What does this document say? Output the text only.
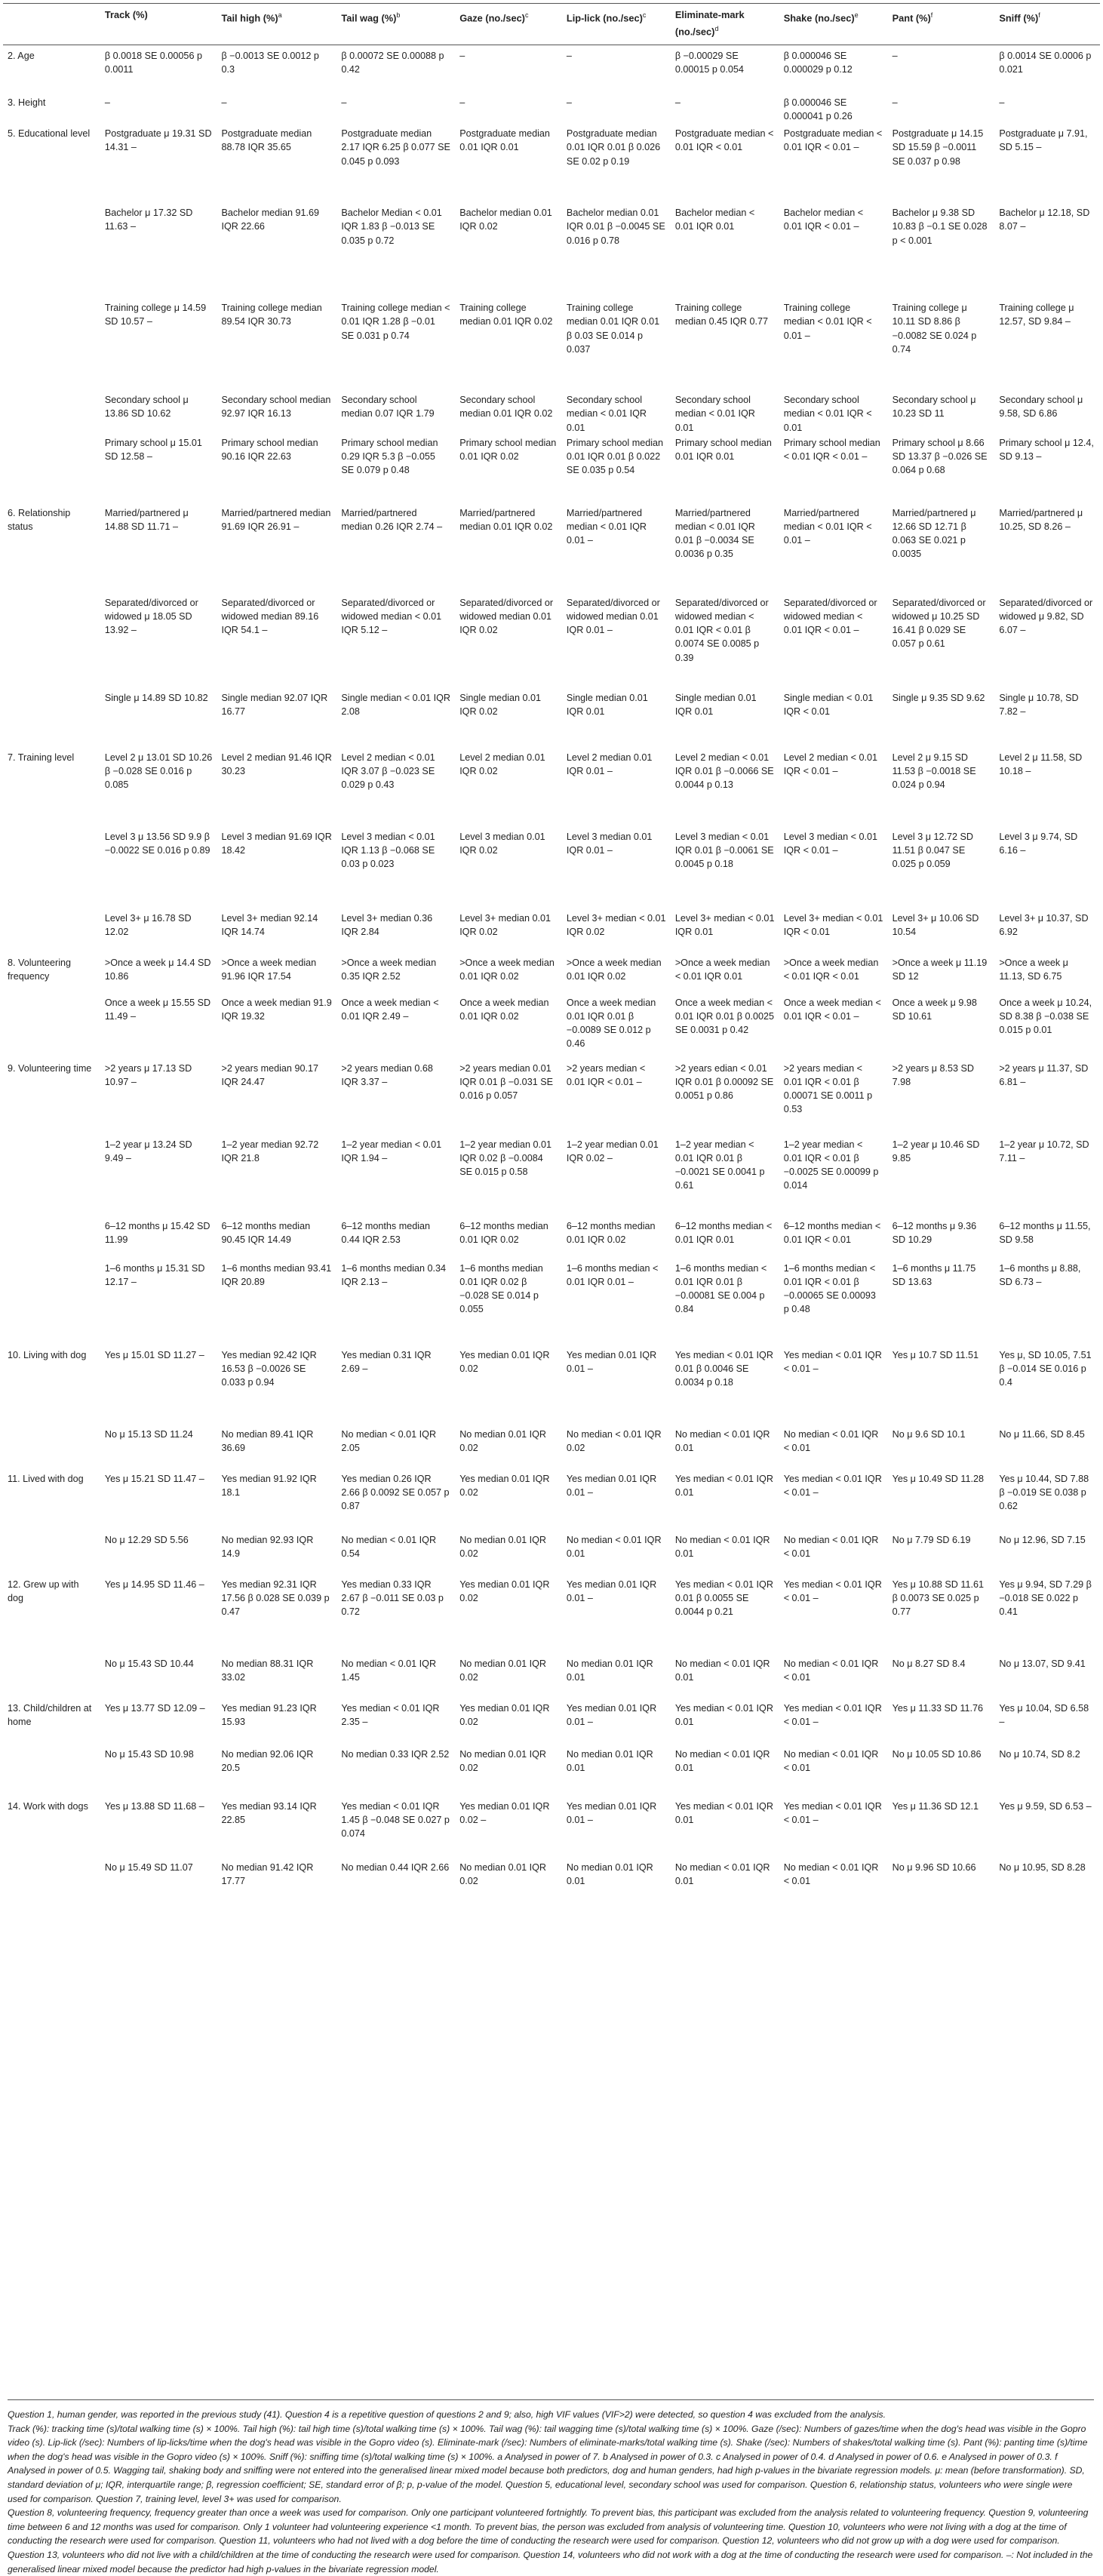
	Track (%)	Tail high (%)$^a$	Tail wag (%)$^b$	Gaze $(no./\sec)^c$	Lip-lick $(no./\sec)^c$	Eliminate-mark $(no./\sec)^d$	Shake $(no./\sec)^e$	Pant (%)$^f$	Sniff (%)$^f$
2. Age	β 0.0018 SE 0.00056 p 0.0011	β −0.0013 SE 0.0012 p 0.3	β 0.00072 SE 0.00088 p 0.42	–	–	β −0.00029 SE 0.00015 p 0.054	β 0.000046 SE 0.000029 p 0.12	–	β 0.0014 SE 0.0006 p 0.021
3. Height	–	–	–	–	–	–	β 0.000046 SE 0.000041 p 0.26	–	–
5. Educational level	Postgraduate μ 19.31 SD 14.31 –	Postgraduate median 88.78 IQR 35.65	Postgraduate median 2.17 IQR 6.25 β 0.077 SE 0.045 p 0.093	Postgraduate median 0.01 IQR 0.01	Postgraduate median 0.01 IQR 0.01 β 0.026 SE 0.02 p 0.19	Postgraduate median < 0.01 IQR < 0.01	Postgraduate median < 0.01 IQR < 0.01 –	Postgraduate μ 14.15 SD 15.59 β −0.0011 SE 0.037 p 0.98	Postgraduate μ 7.91, SD 5.15 –
	Bachelor μ 17.32 SD 11.63 –	Bachelor median 91.69 IQR 22.66	Bachelor Median < 0.01 IQR 1.83 β −0.013 SE 0.035 p 0.72	Bachelor median 0.01 IQR 0.02	Bachelor median 0.01 IQR 0.01 β −0.0045 SE 0.016 p 0.78	Bachelor median < 0.01 IQR 0.01	Bachelor median < 0.01 IQR < 0.01 –	Bachelor μ 9.38 SD 10.83 β −0.1 SE 0.028 p < 0.001	Bachelor μ 12.18, SD 8.07 –
	Training college μ 14.59 SD 10.57 –	Training college median 89.54 IQR 30.73	Training college median < 0.01 IQR 1.28 β −0.01 SE 0.031 p 0.74	Training college median 0.01 IQR 0.02	Training college median 0.01 IQR 0.01 β 0.03 SE 0.014 p 0.037	Training college median 0.45 IQR 0.77	Training college median < 0.01 IQR < 0.01 –	Training college μ 10.11 SD 8.86 β −0.0082 SE 0.024 p 0.74	Training college μ 12.57, SD 9.84 –
	Secondary school μ 13.86 SD 10.62	Secondary school median 92.97 IQR 16.13	Secondary school median 0.07 IQR 1.79	Secondary school median 0.01 IQR 0.02	Secondary school median < 0.01 IQR 0.01	Secondary school median < 0.01 IQR 0.01	Secondary school median < 0.01 IQR < 0.01	Secondary school μ 10.23 SD 11	Secondary school μ 9.58, SD 6.86
	Primary school μ 15.01 SD 12.58 –	Primary school median 90.16 IQR 22.63	Primary school median 0.29 IQR 5.3 β −0.055 SE 0.079 p 0.48	Primary school median 0.01 IQR 0.02	Primary school median 0.01 IQR 0.01 β 0.022 SE 0.035 p 0.54	Primary school median 0.01 IQR 0.01	Primary school median < 0.01 IQR < 0.01 –	Primary school μ 8.66 SD 13.37 β −0.026 SE 0.064 p 0.68	Primary school μ 12.4, SD 9.13 –
6. Relationship status	Married/partnered μ 14.88 SD 11.71 –	Married/partnered median 91.69 IQR 26.91 –	Married/partnered median 0.26 IQR 2.74 –	Married/partnered median 0.01 IQR 0.02	Married/partnered median < 0.01 IQR 0.01 –	Married/partnered median < 0.01 IQR 0.01 β −0.0034 SE 0.0036 p 0.35	Married/partnered median < 0.01 IQR < 0.01 –	Married/partnered μ 12.66 SD 12.71 β 0.063 SE 0.021 p 0.0035	Married/partnered μ 10.25, SD 8.26 –
	Separated/divorced or widowed μ 18.05 SD 13.92 –	Separated/divorced or widowed median 89.16 IQR 54.1 –	Separated/divorced or widowed median < 0.01 IQR 5.12 –	Separated/divorced or widowed median 0.01 IQR 0.02	Separated/divorced or widowed median 0.01 IQR 0.01 –	Separated/divorced or widowed median < 0.01 IQR < 0.01 β 0.0074 SE 0.0085 p 0.39	Separated/divorced or widowed median < 0.01 IQR < 0.01 –	Separated/divorced or widowed μ 10.25 SD 16.41 β 0.029 SE 0.057 p 0.61	Separated/divorced or widowed μ 9.82, SD 6.07 –
	Single μ 14.89 SD 10.82	Single median 92.07 IQR 16.77	Single median < 0.01 IQR 2.08	Single median 0.01 IQR 0.02	Single median 0.01 IQR 0.01	Single median 0.01 IQR 0.01	Single median < 0.01 IQR < 0.01	Single μ 9.35 SD 9.62	Single μ 10.78, SD 7.82 –
7. Training level	Level 2 μ 13.01 SD 10.26 β −0.028 SE 0.016 p 0.085	Level 2 median 91.46 IQR 30.23	Level 2 median < 0.01 IQR 3.07 β −0.023 SE 0.029 p 0.43	Level 2 median 0.01 IQR 0.02	Level 2 median 0.01 IQR 0.01 –	Level 2 median < 0.01 IQR 0.01 β −0.0066 SE 0.0044 p 0.13	Level 2 median < 0.01 IQR < 0.01 –	Level 2 μ 9.15 SD 11.53 β −0.0018 SE 0.024 p 0.94	Level 2 μ 11.58, SD 10.18 –
	Level 3 μ 13.56 SD 9.9 β −0.0022 SE 0.016 p 0.89	Level 3 median 91.69 IQR 18.42	Level 3 median < 0.01 IQR 1.13 β −0.068 SE 0.03 p 0.023	Level 3 median 0.01 IQR 0.02	Level 3 median 0.01 IQR 0.01 –	Level 3 median < 0.01 IQR 0.01 β −0.0061 SE 0.0045 p 0.18	Level 3 median < 0.01 IQR < 0.01 –	Level 3 μ 12.72 SD 11.51 β 0.047 SE 0.025 p 0.059	Level 3 μ 9.74, SD 6.16 –
	Level 3+ μ 16.78 SD 12.02	Level 3+ median 92.14 IQR 14.74	Level 3+ median 0.36 IQR 2.84	Level 3+ median 0.01 IQR 0.02	Level 3+ median < 0.01 IQR 0.02	Level 3+ median < 0.01 IQR 0.01	Level 3+ median < 0.01 IQR < 0.01	Level 3+ μ 10.06 SD 10.54	Level 3+ μ 10.37, SD 6.92
8. Volunteering frequency	>Once a week μ 14.4 SD 10.86	>Once a week median 91.96 IQR 17.54	>Once a week median 0.35 IQR 2.52	>Once a week median 0.01 IQR 0.02	>Once a week median 0.01 IQR 0.02	>Once a week median < 0.01 IQR 0.01	>Once a week median < 0.01 IQR < 0.01	>Once a week μ 11.19 SD 12	>Once a week μ 11.13, SD 6.75
	Once a week μ 15.55 SD 11.49 –	Once a week median 91.9 IQR 19.32	Once a week median < 0.01 IQR 2.49 –	Once a week median 0.01 IQR 0.02	Once a week median 0.01 IQR 0.01 β −0.0089 SE 0.012 p 0.46	Once a week median < 0.01 IQR 0.01 β 0.0025 SE 0.0031 p 0.42	Once a week median < 0.01 IQR < 0.01 –	Once a week μ 9.98 SD 10.61	Once a week μ 10.24, SD 8.38 β −0.038 SE 0.015 p 0.01
9. Volunteering time	>2 years μ 17.13 SD 10.97 –	>2 years median 90.17 IQR 24.47	>2 years median 0.68 IQR 3.37 –	>2 years median 0.01 IQR 0.01 β −0.031 SE 0.016 p 0.057	>2 years median < 0.01 IQR < 0.01 –	>2 years edian < 0.01 IQR 0.01 β 0.00092 SE 0.0051 p 0.86	>2 years median < 0.01 IQR < 0.01 β 0.00071 SE 0.0011 p 0.53	>2 years μ 8.53 SD 7.98	>2 years μ 11.37, SD 6.81 –
	1–2 year μ 13.24 SD 9.49 –	1–2 year median 92.72 IQR 21.8	1–2 year median < 0.01 IQR 1.94 –	1–2 year median 0.01 IQR 0.02 β −0.0084 SE 0.015 p 0.58	1–2 year median 0.01 IQR 0.02 –	1–2 year median < 0.01 IQR 0.01 β −0.0021 SE 0.0041 p 0.61	1–2 year median < 0.01 IQR < 0.01 β −0.0025 SE 0.00099 p 0.014	1–2 year μ 10.46 SD 9.85	1–2 year μ 10.72, SD 7.11 –
	6–12 months μ 15.42 SD 11.99	6–12 months median 90.45 IQR 14.49	6–12 months median 0.44 IQR 2.53	6–12 months median 0.01 IQR 0.02	6–12 months median 0.01 IQR 0.02	6–12 months median < 0.01 IQR 0.01	6–12 months median < 0.01 IQR < 0.01	6–12 months μ 9.36 SD 10.29	6–12 months μ 11.55, SD 9.58
	1–6 months μ 15.31 SD 12.17 –	1–6 months median 93.41 IQR 20.89	1–6 months median 0.34 IQR 2.13 –	1–6 months median 0.01 IQR 0.02 β −0.028 SE 0.014 p 0.055	1–6 months median < 0.01 IQR 0.01 –	1–6 months median < 0.01 IQR 0.01 β −0.00081 SE 0.004 p 0.84	1–6 months median < 0.01 IQR < 0.01 β −0.00065 SE 0.00093 p 0.48	1–6 months μ 11.75 SD 13.63	1–6 months μ 8.88, SD 6.73 –
10. Living with dog	Yes μ 15.01 SD 11.27 –	Yes median 92.42 IQR 16.53 β −0.0026 SE 0.033 p 0.94	Yes median 0.31 IQR 2.69 –	Yes median 0.01 IQR 0.02	Yes median 0.01 IQR 0.01 –	Yes median < 0.01 IQR 0.01 β 0.0046 SE 0.0034 p 0.18	Yes median < 0.01 IQR < 0.01 –	Yes μ 10.7 SD 11.51	Yes μ, SD 10.05, 7.51 β −0.014 SE 0.016 p 0.4
	No μ 15.13 SD 11.24	No median 89.41 IQR 36.69	No median < 0.01 IQR 2.05	No median 0.01 IQR 0.02	No median < 0.01 IQR 0.02	No median < 0.01 IQR 0.01	No median < 0.01 IQR < 0.01	No μ 9.6 SD 10.1	No μ 11.66, SD 8.45
11. Lived with dog	Yes μ 15.21 SD 11.47 –	Yes median 91.92 IQR 18.1	Yes median 0.26 IQR 2.66 β 0.0092 SE 0.057 p 0.87	Yes median 0.01 IQR 0.02	Yes median 0.01 IQR 0.01 –	Yes median < 0.01 IQR 0.01	Yes median < 0.01 IQR < 0.01 –	Yes μ 10.49 SD 11.28	Yes μ 10.44, SD 7.88 β −0.019 SE 0.038 p 0.62
	No μ 12.29 SD 5.56	No median 92.93 IQR 14.9	No median < 0.01 IQR 0.54	No median 0.01 IQR 0.02	No median < 0.01 IQR 0.01	No median < 0.01 IQR 0.01	No median < 0.01 IQR < 0.01	No μ 7.79 SD 6.19	No μ 12.96, SD 7.15
12. Grew up with dog	Yes μ 14.95 SD 11.46 –	Yes median 92.31 IQR 17.56 β 0.028 SE 0.039 p 0.47	Yes median 0.33 IQR 2.67 β −0.011 SE 0.03 p 0.72	Yes median 0.01 IQR 0.02	Yes median 0.01 IQR 0.01 –	Yes median < 0.01 IQR 0.01 β 0.0055 SE 0.0044 p 0.21	Yes median < 0.01 IQR < 0.01 –	Yes μ 10.88 SD 11.61 β 0.0073 SE 0.025 p 0.77	Yes μ 9.94, SD 7.29 β −0.018 SE 0.022 p 0.41
	No μ 15.43 SD 10.44	No median 88.31 IQR 33.02	No median < 0.01 IQR 1.45	No median 0.01 IQR 0.02	No median 0.01 IQR 0.01	No median < 0.01 IQR 0.01	No median < 0.01 IQR < 0.01	No μ 8.27 SD 8.4	No μ 13.07, SD 9.41
13. Child/children at home	Yes μ 13.77 SD 12.09 –	Yes median 91.23 IQR 15.93	Yes median < 0.01 IQR 2.35 –	Yes median 0.01 IQR 0.02	Yes median 0.01 IQR 0.01 –	Yes median < 0.01 IQR 0.01	Yes median < 0.01 IQR < 0.01 –	Yes μ 11.33 SD 11.76	Yes μ 10.04, SD 6.58 –
	No μ 15.43 SD 10.98	No median 92.06 IQR 20.5	No median 0.33 IQR 2.52	No median 0.01 IQR 0.02	No median 0.01 IQR 0.01	No median < 0.01 IQR 0.01	No median < 0.01 IQR < 0.01	No μ 10.05 SD 10.86	No μ 10.74, SD 8.2
14. Work with dogs	Yes μ 13.88 SD 11.68 –	Yes median 93.14 IQR 22.85	Yes median < 0.01 IQR 1.45 β −0.048 SE 0.027 p 0.074	Yes median 0.01 IQR 0.02 –	Yes median 0.01 IQR 0.01 –	Yes median < 0.01 IQR 0.01	Yes median < 0.01 IQR < 0.01 –	Yes μ 11.36 SD 12.1	Yes μ 9.59, SD 6.53 –
	No μ 15.49 SD 11.07	No median 91.42 IQR 17.77	No median 0.44 IQR 2.66	No median 0.01 IQR 0.02	No median 0.01 IQR 0.01	No median < 0.01 IQR 0.01	No median < 0.01 IQR < 0.01	No μ 9.96 SD 10.66	No μ 10.95, SD 8.28

Question 1, human gender, was reported in the previous study (41). Question 4 is a repetitive question of questions 2 and 9; also, high VIF values (VIF>2) were detected, so question 4 was excluded from the analysis.

Track (%): tracking time (s)/total walking time (s) × 100%. Tail high (%): tail high time (s)/total walking time (s) × 100%. Tail wag (%): tail wagging time (s)/total walking time (s) × 100%. Gaze (/sec): Numbers of gazes/time when the dog's head was visible in the Gopro video (s). Lip-lick (/sec): Numbers of lip-licks/time when the dog's head was visible in the Gopro video (s). Eliminate-mark (/sec): Numbers of eliminate-marks/total walking time (s). Shake (/sec): Numbers of shakes/total walking time (s). Pant (%): panting time (s)/time when the dog's head was visible in the Gopro video (s) × 100%. Sniff (%): sniffing time (s)/total walking time (s) × 100%. a Analysed in power of 7. b Analysed in power of 0.3. c Analysed in power of 0.4. d Analysed in power of 0.6. e Analysed in power of 0.3. f Analysed in power of 0.5. Wagging tail, shaking body and sniffing were not entered into the generalised linear mixed model because both predictors, dog and human genders, had high p-values in the bivariate regression models. μ: mean (before transformation). SD, standard deviation of μ; IQR, interquartile range; β, regression coefficient; SE, standard error of β; p, p-value of the model. Question 5, educational level, secondary school was used for comparison. Question 6, relationship status, volunteers who were single were used for comparison. Question 7, training level, level 3+ was used for comparison.

Question 8, volunteering frequency, frequency greater than once a week was used for comparison. Only one participant volunteered fortnightly. To prevent bias, this participant was excluded from the analysis related to volunteering frequency. Question 9, volunteering time between 6 and 12 months was used for comparison. Only 1 volunteer had volunteering experience <1 month. To prevent bias, the person was excluded from analysis of volunteering time. Question 10, volunteers who were not living with a dog at the time of conducting the research were used for comparison. Question 11, volunteers who had not lived with a dog before the time of conducting the research were used for comparison. Question 12, volunteers who did not grow up with a dog were used for comparison. Question 13, volunteers who did not live with a child/children at the time of conducting the research were used for comparison. Question 14, volunteers who did not work with a dog at the time of conducting the research were used for comparison. –: Not included in the generalised linear mixed model because the predictor had high p-values in the bivariate regression model.
